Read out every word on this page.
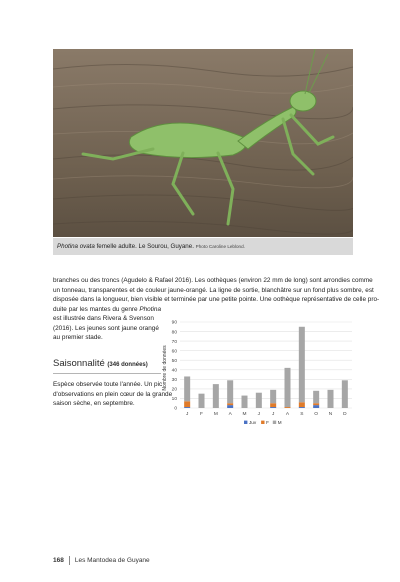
Photina ovata femelle adulte. Le Sourou, Guyane. Photo Caroline Leblond.

branches ou des troncs (Agudelo & Rafael 2016). Les oothèques (environ 22 mm de long) sont arrondies comme

un tonneau, transparentes et de couleur jaune-orangé. La ligne de sortie, blanchâtre sur un fond plus sombre, est

disposée dans la longueur, bien visible et terminée par une petite pointe. Une oothèque représentative de celle pro-

duite par les mantes du genre Photina

est illustrée dans Rivera & Svenson

(2016). Les jeunes sont jaune orangé

au premier stade.

Saisonnalité (346 données)

Espèce observée toute l'année. Un pic

d'observations en plein cœur de la grande

saison sèche, en septembre.

0
10
20
30
40
50
60
70
80
90
J F M A M J J A S O N D
Nombre de données
Juv F M
168 Les Mantodea de Guyane
